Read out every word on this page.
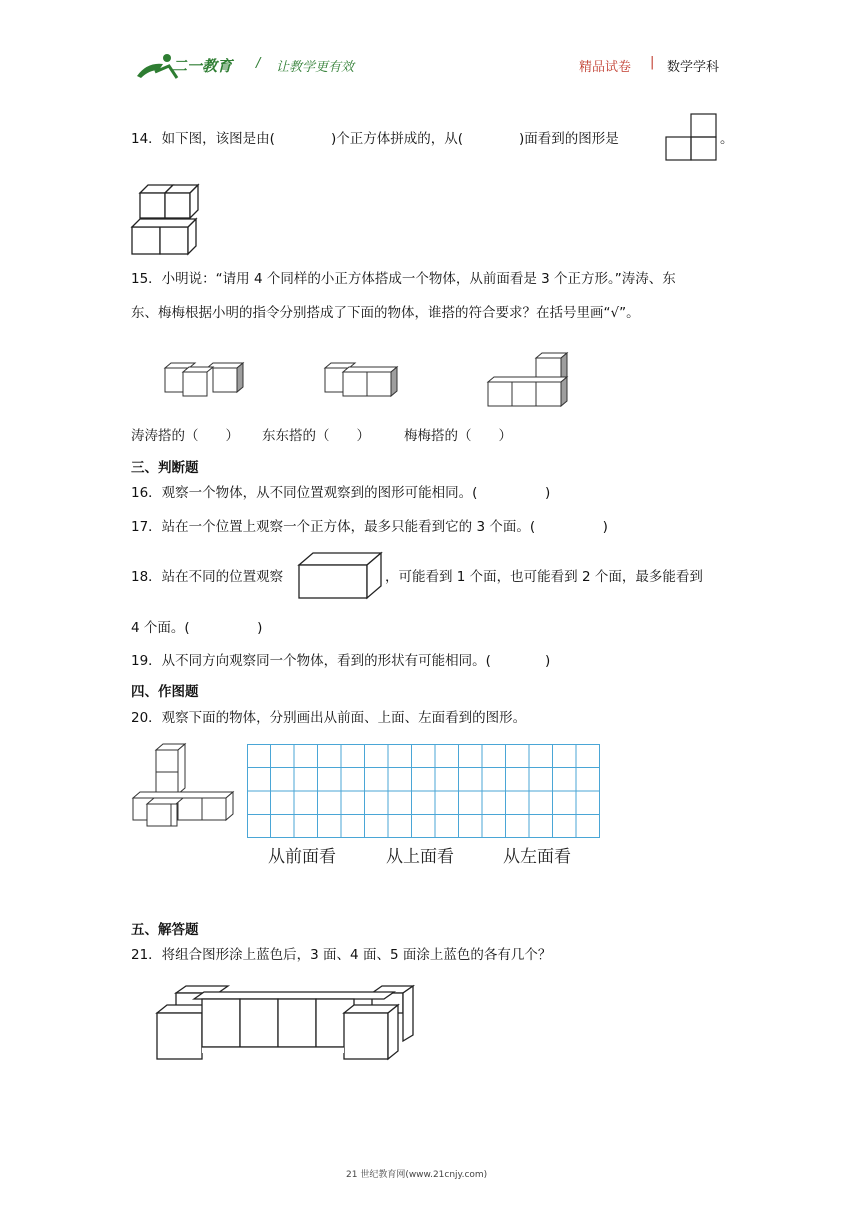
二一教育 / 让教学更有效	精品试卷 | 数学学科
14．如下图，该图是由(	)个正方体拼成的，从(	)面看到的图形是	。
15．小明说：“请用 4 个同样的小正方体搭成一个物体，从前面看是 3 个正方形。”涛涛、东
东、梅梅根据小明的指令分别搭成了下面的物体，谁搭的符合要求？在括号里画“√”。
涛涛搭的（　　） 东东搭的（　　）	梅梅搭的（　　）
三、判断题
16．观察一个物体，从不同位置观察到的图形可能相同。(　　　　　)
17．站在一个位置上观察一个正方体，最多只能看到它的 3 个面。(　　　　　)
18．站在不同的位置观察	，可能看到 1 个面，也可能看到 2 个面，最多能看到
4 个面。(　　　　　)
19．从不同方向观察同一个物体，看到的形状有可能相同。(　　　　)
四、作图题
20．观察下面的物体，分别画出从前面、上面、左面看到的图形。
从前面看	从上面看	从左面看
五、解答题
21．将组合图形涂上蓝色后，3 面、4 面、5 面涂上蓝色的各有几个？
21 世纪教育网(www.21cnjy.com)
